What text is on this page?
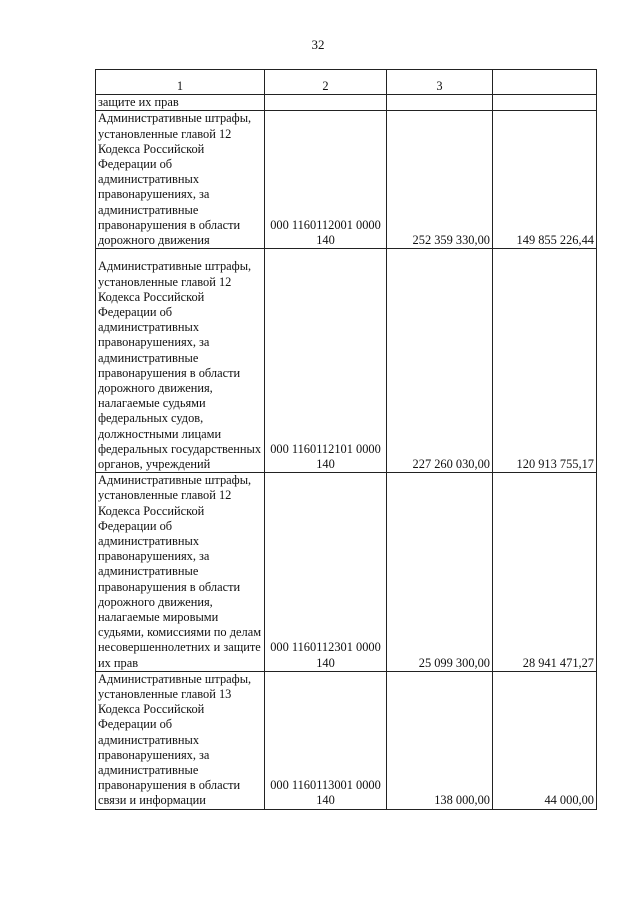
32
1	2	3	
защите их прав			
Административные штрафы, установленные главой 12 Кодекса Российской Федерации об административных правонарушениях, за административные правонарушения в области дорожного движения	000 1160112001 0000 140	252 359 330,00	149 855 226,44
Административные штрафы, установленные главой 12 Кодекса Российской Федерации об административных правонарушениях, за административные правонарушения в области дорожного движения, налагаемые судьями федеральных судов, должностными лицами федеральных государственных органов, учреждений	000 1160112101 0000 140	227 260 030,00	120 913 755,17
Административные штрафы, установленные главой 12 Кодекса Российской Федерации об административных правонарушениях, за административные правонарушения в области дорожного движения, налагаемые мировыми судьями, комиссиями по делам несовершеннолетних и защите их прав	000 1160112301 0000 140	25 099 300,00	28 941 471,27
Административные штрафы, установленные главой 13 Кодекса Российской Федерации об административных правонарушениях, за административные правонарушения в области связи и информации	000 1160113001 0000 140	138 000,00	44 000,00
